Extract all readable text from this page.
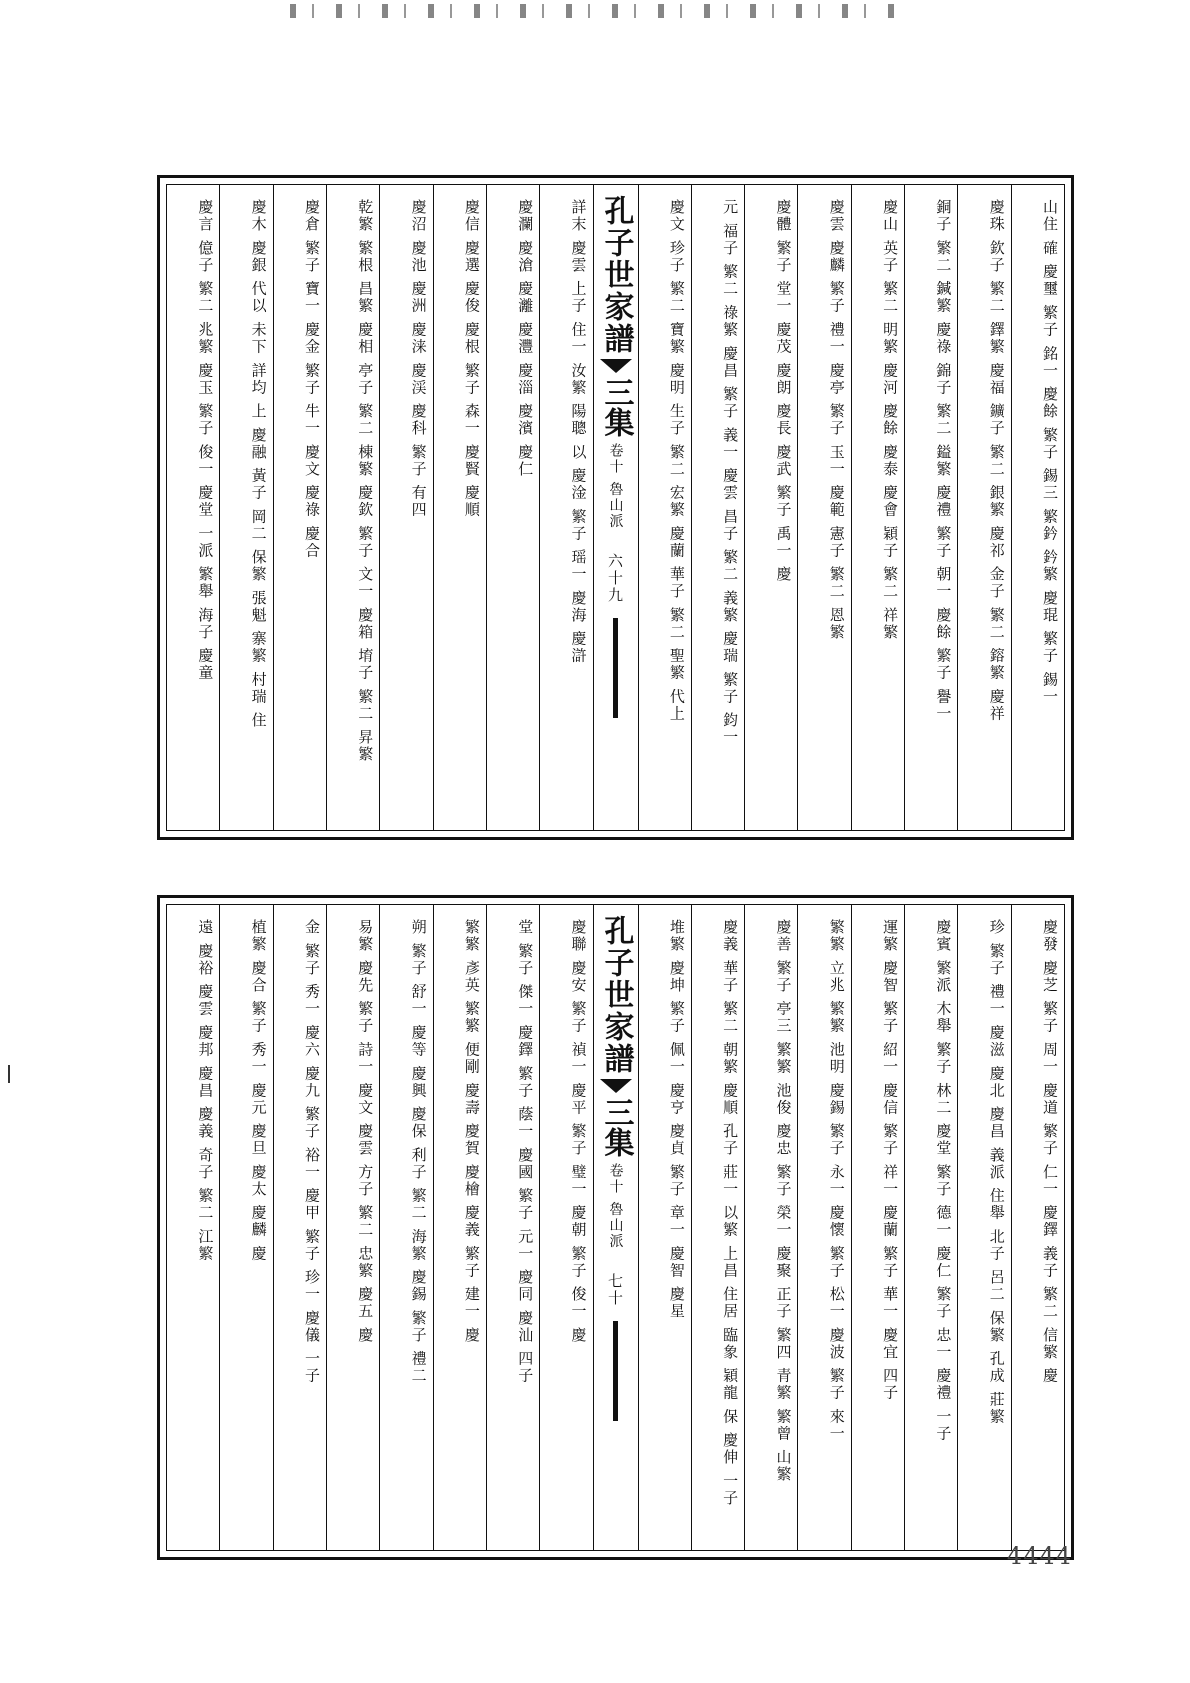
山住 確 慶璽 繁子 銘一 慶餘 繁子 錫三 繁鈐 鈐繁 慶琨 繁子 錫一
慶珠 欽子 繁二 鐸繁 慶福 鑛子 繁二 銀繁 慶祁 金子 繁二 鎔繁 慶祥
銅子 繁二 鍼繁 慶祿 錦子 繁二 鎰繁 慶禮 繁子 朝一 慶餘 繁子 譽一
慶山 英子 繁二 明繁 慶河 慶餘 慶泰 慶會 穎子 繁二 祥繁
慶雲 慶麟 繁子 禮一 慶亭 繁子 玉一 慶範 憲子 繁二 恩繁
慶體 繁子 堂一 慶茂 慶朗 慶長 慶武 繁子 禹一 慶
元 福子 繁二 祿繁 慶昌 繁子 義一 慶雲 昌子 繁二 義繁 慶瑞 繁子 鈞一
慶文 珍子 繁二 寶繁 慶明 生子 繁二 宏繁 慶蘭 華子 繁二 聖繁 代上
孔子世家譜
三集
卷十 魯山派
六十九
詳末 慶雲 上子 住一 汝繁 陽聰 以 慶淦 繁子 瑶一 慶海 慶滸
慶瀾 慶滄 慶灕 慶灃 慶淄 慶濱 慶仁
慶信 慶選 慶俊 慶根 繁子 森一 慶賢 慶順
慶沼 慶池 慶洲 慶涞 慶渓 慶科 繁子 有四
乾繁 繁根 昌繁 慶相 亭子 繁二 棟繁 慶欽 繁子 文一 慶箱 堉子 繁二 昇繁
慶倉 繁子 寶一 慶金 繁子 牛一 慶文 慶祿 慶合
慶木 慶銀 代以 未下 詳均 上 慶融 黃子 岡二 保繁 張魁 寨繁 村瑞 住
慶言 億子 繁二 兆繁 慶玉 繁子 俊一 慶堂 一派 繁舉 海子 慶童
慶發 慶芝 繁子 周一 慶道 繁子 仁一 慶鐸 義子 繁二 信繁 慶
珍 繁子 禮一 慶滋 慶北 慶昌 義派 住舉 北子 呂二 保繁 孔成 莊繁
慶賓 繁派 木舉 繁子 林二 慶堂 繁子 德一 慶仁 繁子 忠一 慶禮 一子
運繁 慶智 繁子 紹一 慶信 繁子 祥一 慶蘭 繁子 華一 慶宜 四子
繁繁 立兆 繁繁 池明 慶錫 繁子 永一 慶懷 繁子 松一 慶波 繁子 來一
慶善 繁子 亭三 繁繁 池俊 慶忠 繁子 榮一 慶聚 正子 繁四 青繁 繁曾 山繁
慶義 華子 繁二 朝繁 慶順 孔子 莊一 以繁 上昌 住居 臨象 穎龍 保 慶伸 一子
堆繁 慶坤 繁子 佩一 慶亨 慶貞 繁子 章一 慶智 慶星
孔子世家譜
三集
卷十 魯山派
七十
慶聯 慶安 繁子 禎一 慶平 繁子 璧一 慶朝 繁子 俊一 慶
堂 繁子 傑一 慶鐸 繁子 蔭一 慶國 繁子 元一 慶同 慶汕 四子
繁繁 彥英 繁繁 便剛 慶壽 慶賀 慶檜 慶義 繁子 建一 慶
朔 繁子 舒一 慶等 慶興 慶保 利子 繁二 海繁 慶錫 繁子 禮二
易繁 慶先 繁子 詩一 慶文 慶雲 方子 繁二 忠繁 慶五 慶
金 繁子 秀一 慶六 慶九 繁子 裕一 慶甲 繁子 珍一 慶儀 一子
植繁 慶合 繁子 秀一 慶元 慶旦 慶太 慶麟 慶
遠 慶裕 慶雲 慶邦 慶昌 慶義 奇子 繁二 江繁
4444
